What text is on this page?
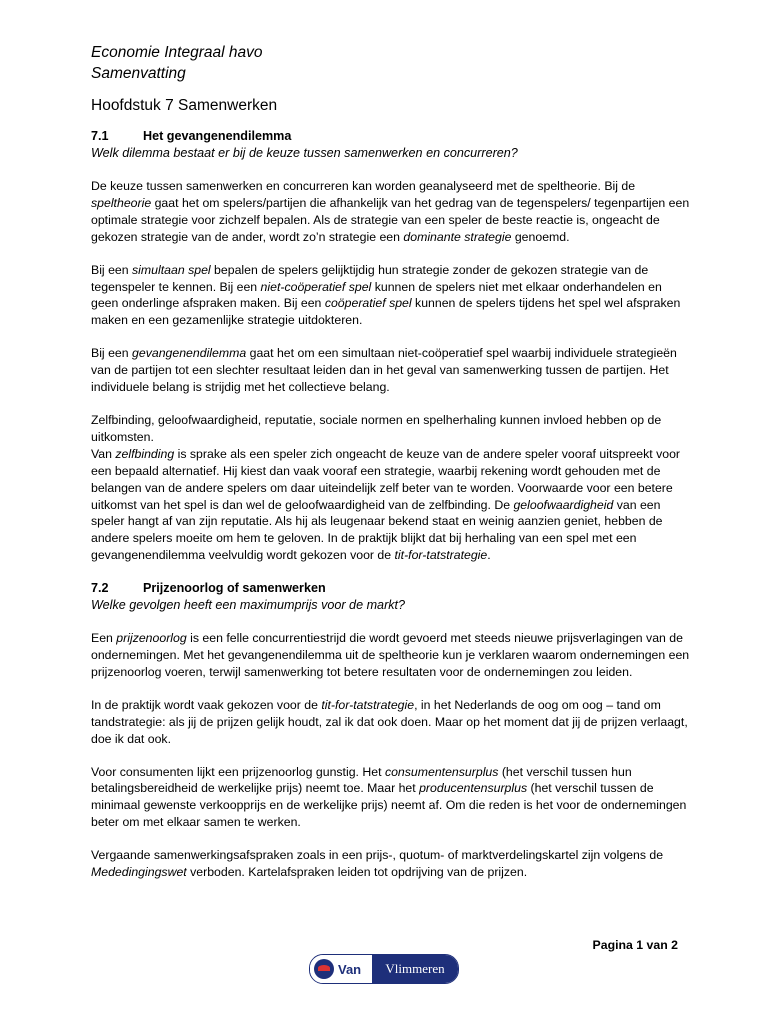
Economie Integraal havo
Samenvatting
Hoofdstuk 7 Samenwerken
7.1	Het gevangenendilemma
Welk dilemma bestaat er bij de keuze tussen samenwerken en concurreren?

De keuze tussen samenwerken en concurreren kan worden geanalyseerd met de speltheorie. Bij de speltheorie gaat het om spelers/partijen die afhankelijk van het gedrag van de tegenspelers/ tegenpartijen een optimale strategie voor zichzelf bepalen. Als de strategie van een speler de beste reactie is, ongeacht de gekozen strategie van de ander, wordt zo’n strategie een dominante strategie genoemd.

Bij een simultaan spel bepalen de spelers gelijktijdig hun strategie zonder de gekozen strategie van de tegenspeler te kennen. Bij een niet-coöperatief spel kunnen de spelers niet met elkaar onderhandelen en geen onderlinge afspraken maken. Bij een coöperatief spel kunnen de spelers tijdens het spel wel afspraken maken en een gezamenlijke strategie uitdokteren.

Bij een gevangenendilemma gaat het om een simultaan niet-coöperatief spel waarbij individuele strategieën van de partijen tot een slechter resultaat leiden dan in het geval van samenwerking tussen de partijen. Het individuele belang is strijdig met het collectieve belang.

Zelfbinding, geloofwaardigheid, reputatie, sociale normen en spelherhaling kunnen invloed hebben op de uitkomsten.

Van zelfbinding is sprake als een speler zich ongeacht de keuze van de andere speler vooraf uitspreekt voor een bepaald alternatief. Hij kiest dan vaak vooraf een strategie, waarbij rekening wordt gehouden met de belangen van de andere spelers om daar uiteindelijk zelf beter van te worden. Voorwaarde voor een betere uitkomst van het spel is dan wel de geloofwaardigheid van de zelfbinding. De geloofwaardigheid van een speler hangt af van zijn reputatie. Als hij als leugenaar bekend staat en weinig aanzien geniet, hebben de andere spelers moeite om hem te geloven. In de praktijk blijkt dat bij herhaling van een spel met een gevangenendilemma veelvuldig wordt gekozen voor de tit-for-tatstrategie.

7.2	Prijzenoorlog of samenwerken
Welke gevolgen heeft een maximumprijs voor de markt?

Een prijzenoorlog is een felle concurrentiestrijd die wordt gevoerd met steeds nieuwe prijsverlagingen van de ondernemingen. Met het gevangenendilemma uit de speltheorie kun je verklaren waarom ondernemingen een prijzenoorlog voeren, terwijl samenwerking tot betere resultaten voor de ondernemingen zou leiden.

In de praktijk wordt vaak gekozen voor de tit-for-tatstrategie, in het Nederlands de oog om oog – tand om tandstrategie: als jij de prijzen gelijk houdt, zal ik dat ook doen. Maar op het moment dat jij de prijzen verlaagt, doe ik dat ook.

Voor consumenten lijkt een prijzenoorlog gunstig. Het consumentensurplus (het verschil tussen hun betalingsbereidheid de werkelijke prijs) neemt toe. Maar het producentensurplus (het verschil tussen de minimaal gewenste verkoopprijs en de werkelijke prijs) neemt af. Om die reden is het voor de ondernemingen beter om met elkaar samen te werken.

Vergaande samenwerkingsafspraken zoals in een prijs-, quotum- of marktverdelingskartel zijn volgens de Mededingingswet verboden. Kartelafspraken leiden tot opdrijving van de prijzen.

Pagina 1 van 2
Van	Vlimmeren
